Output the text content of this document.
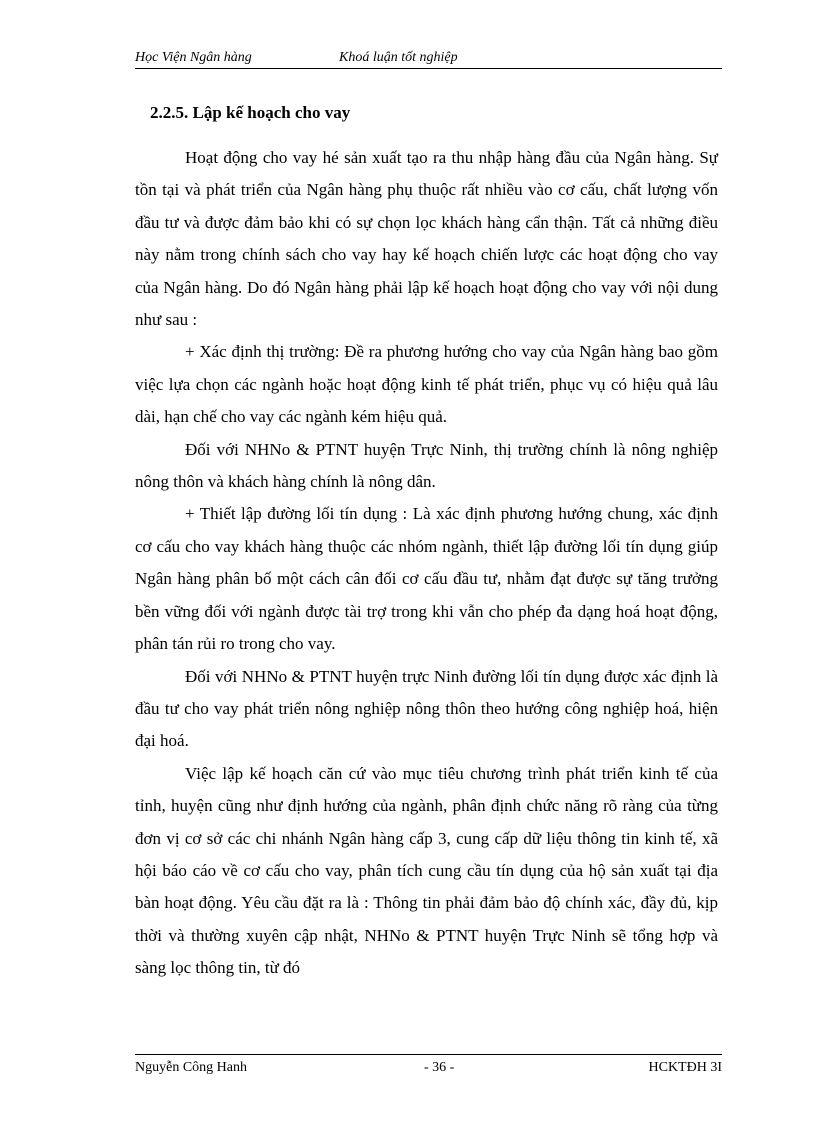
Học Viện Ngân hàng	Khoá luận tốt nghiệp
2.2.5. Lập kế hoạch cho vay

Hoạt động cho vay hé sản xuất tạo ra thu nhập hàng đầu của Ngân hàng. Sự tồn tại và phát triển của Ngân hàng phụ thuộc rất nhiều vào cơ cấu, chất lượng vốn đầu tư và được đảm bảo khi có sự chọn lọc khách hàng cẩn thận. Tất cả những điều này nằm trong chính sách cho vay hay kế hoạch chiến lược các hoạt động cho vay của Ngân hàng. Do đó Ngân hàng phải lập kế hoạch hoạt động cho vay với nội dung như sau :

+ Xác định thị trường: Đề ra phương hướng cho vay của Ngân hàng bao gồm việc lựa chọn các ngành hoặc hoạt động kinh tế phát triển, phục vụ có hiệu quả lâu dài, hạn chế cho vay các ngành kém hiệu quả.

Đối với NHNo & PTNT huyện Trực Ninh, thị trường chính là nông nghiệp nông thôn và khách hàng chính là nông dân.

+ Thiết lập đường lối tín dụng : Là xác định phương hướng chung, xác định cơ cấu cho vay khách hàng thuộc các nhóm ngành, thiết lập đường lối tín dụng giúp Ngân hàng phân bố một cách cân đối cơ cấu đầu tư, nhằm đạt được sự tăng trưởng bền vững đối với ngành được tài trợ trong khi vẫn cho phép đa dạng hoá hoạt động, phân tán rủi ro trong cho vay.

Đối với NHNo & PTNT huyện trực Ninh đường lối tín dụng được xác định là đầu tư cho vay phát triển nông nghiệp nông thôn theo hướng công nghiệp hoá, hiện đại hoá.

Việc lập kế hoạch căn cứ vào mục tiêu chương trình phát triển kinh tế của tỉnh, huyện cũng như định hướng của ngành, phân định chức năng rõ ràng của từng đơn vị cơ sở các chi nhánh Ngân hàng cấp 3, cung cấp dữ liệu thông tin kinh tế, xã hội báo cáo về cơ cấu cho vay, phân tích cung cầu tín dụng của hộ sản xuất tại địa bàn hoạt động. Yêu cầu đặt ra là : Thông tin phải đảm bảo độ chính xác, đầy đủ, kịp thời và thường xuyên cập nhật, NHNo & PTNT huyện Trực Ninh sẽ tổng hợp và sàng lọc thông tin, từ đó

Nguyễn Công Hanh	- 36 -	HCKTĐH 3I
